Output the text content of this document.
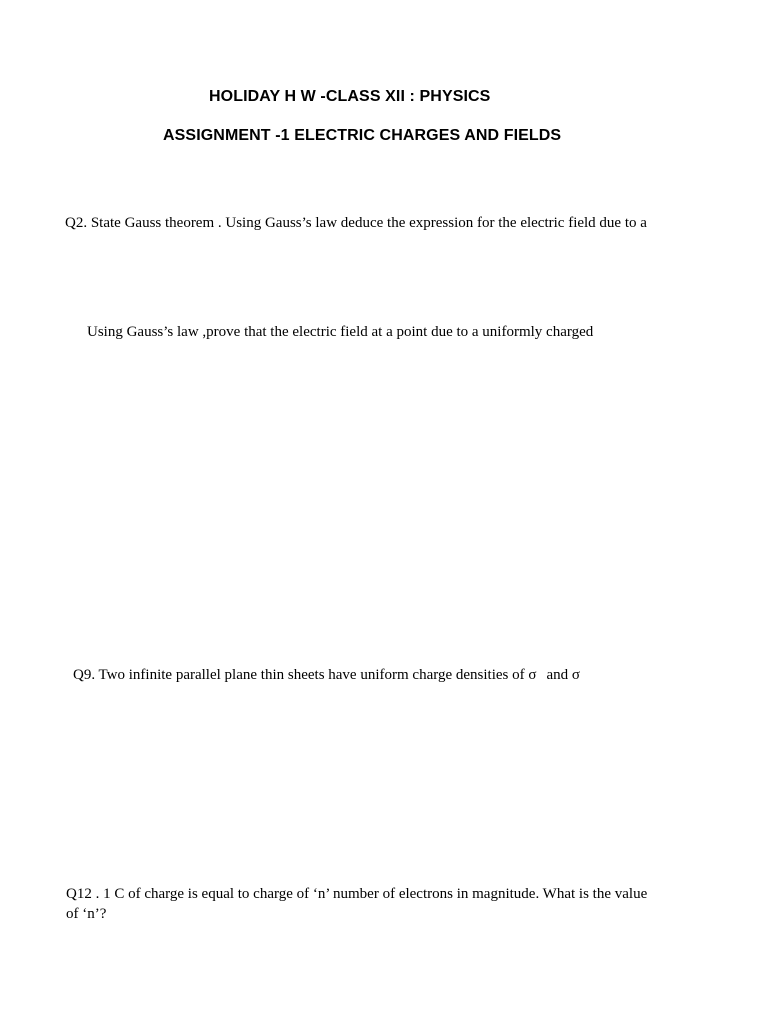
HOLIDAY H W -CLASS XII : PHYSICS
ASSIGNMENT -1 ELECTRIC CHARGES AND FIELDS
Q2. State Gauss theorem . Using Gauss’s law deduce the expression for the electric field due to a
Using Gauss’s law ,prove that the electric field at a point due to a uniformly charged
Q9. Two infinite parallel plane thin sheets have uniform charge densities of σ and σ
Q12 . 1 C of charge is equal to charge of ‘n’ number of electrons in magnitude. What is the value
of ‘n’?
